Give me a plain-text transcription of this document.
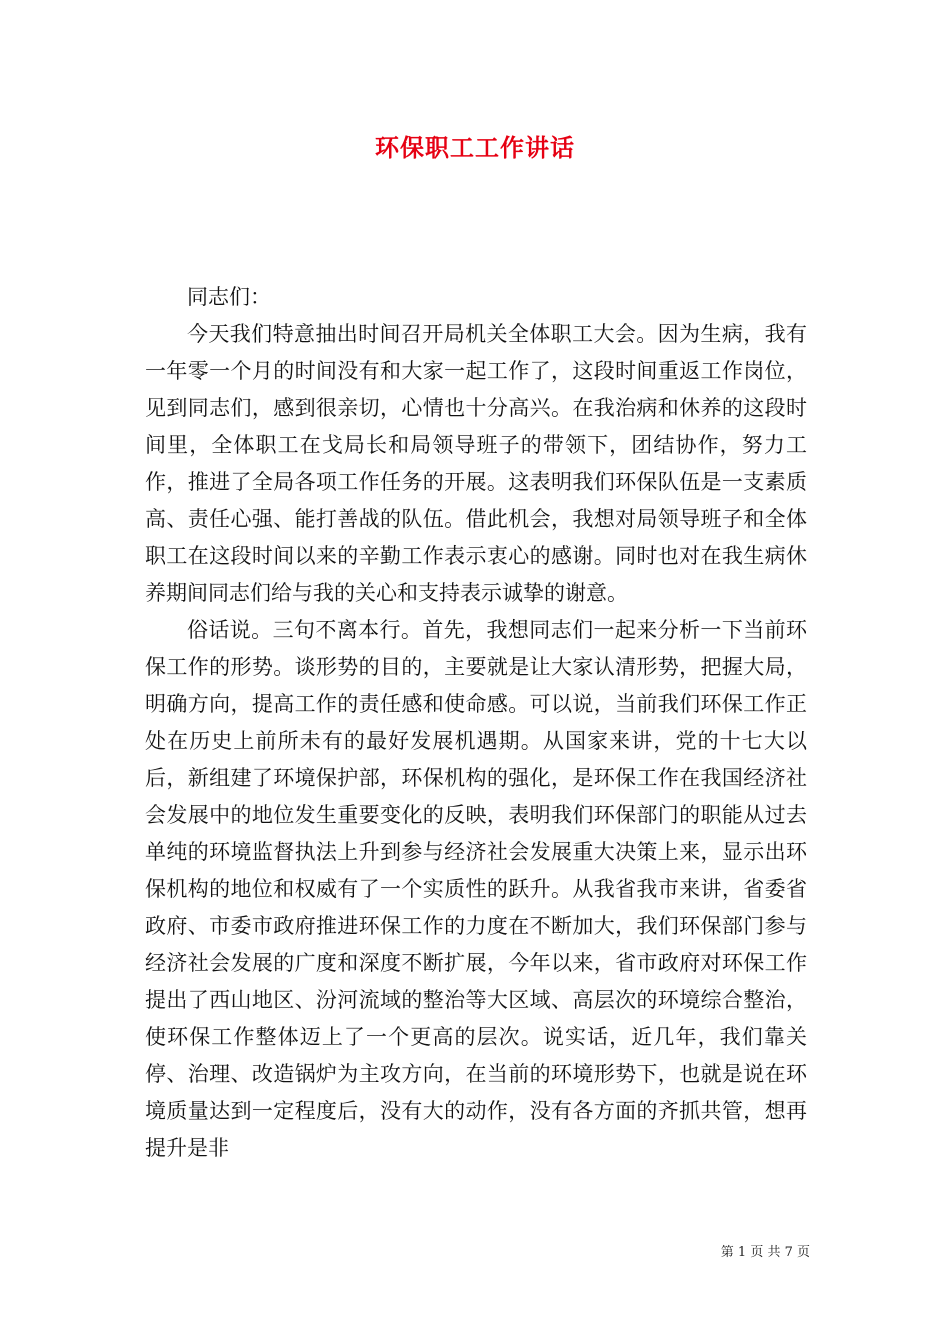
环保职工工作讲话

同志们：

今天我们特意抽出时间召开局机关全体职工大会。因为生病，我有一年零一个月的时间没有和大家一起工作了，这段时间重返工作岗位，见到同志们，感到很亲切，心情也十分高兴。在我治病和休养的这段时间里，全体职工在戈局长和局领导班子的带领下，团结协作，努力工作，推进了全局各项工作任务的开展。这表明我们环保队伍是一支素质高、责任心强、能打善战的队伍。借此机会，我想对局领导班子和全体职工在这段时间以来的辛勤工作表示衷心的感谢。同时也对在我生病休养期间同志们给与我的关心和支持表示诚挚的谢意。

俗话说。三句不离本行。首先，我想同志们一起来分析一下当前环保工作的形势。谈形势的目的，主要就是让大家认清形势，把握大局，明确方向，提高工作的责任感和使命感。可以说，当前我们环保工作正处在历史上前所未有的最好发展机遇期。从国家来讲，党的十七大以后，新组建了环境保护部，环保机构的强化，是环保工作在我国经济社会发展中的地位发生重要变化的反映，表明我们环保部门的职能从过去单纯的环境监督执法上升到参与经济社会发展重大决策上来，显示出环保机构的地位和权威有了一个实质性的跃升。从我省我市来讲，省委省政府、市委市政府推进环保工作的力度在不断加大，我们环保部门参与经济社会发展的广度和深度不断扩展，今年以来，省市政府对环保工作提出了西山地区、汾河流域的整治等大区域、高层次的环境综合整治，使环保工作整体迈上了一个更高的层次。说实话，近几年，我们靠关停、治理、改造锅炉为主攻方向，在当前的环境形势下，也就是说在环境质量达到一定程度后，没有大的动作，没有各方面的齐抓共管，想再提升是非

第 1 页 共 7 页
